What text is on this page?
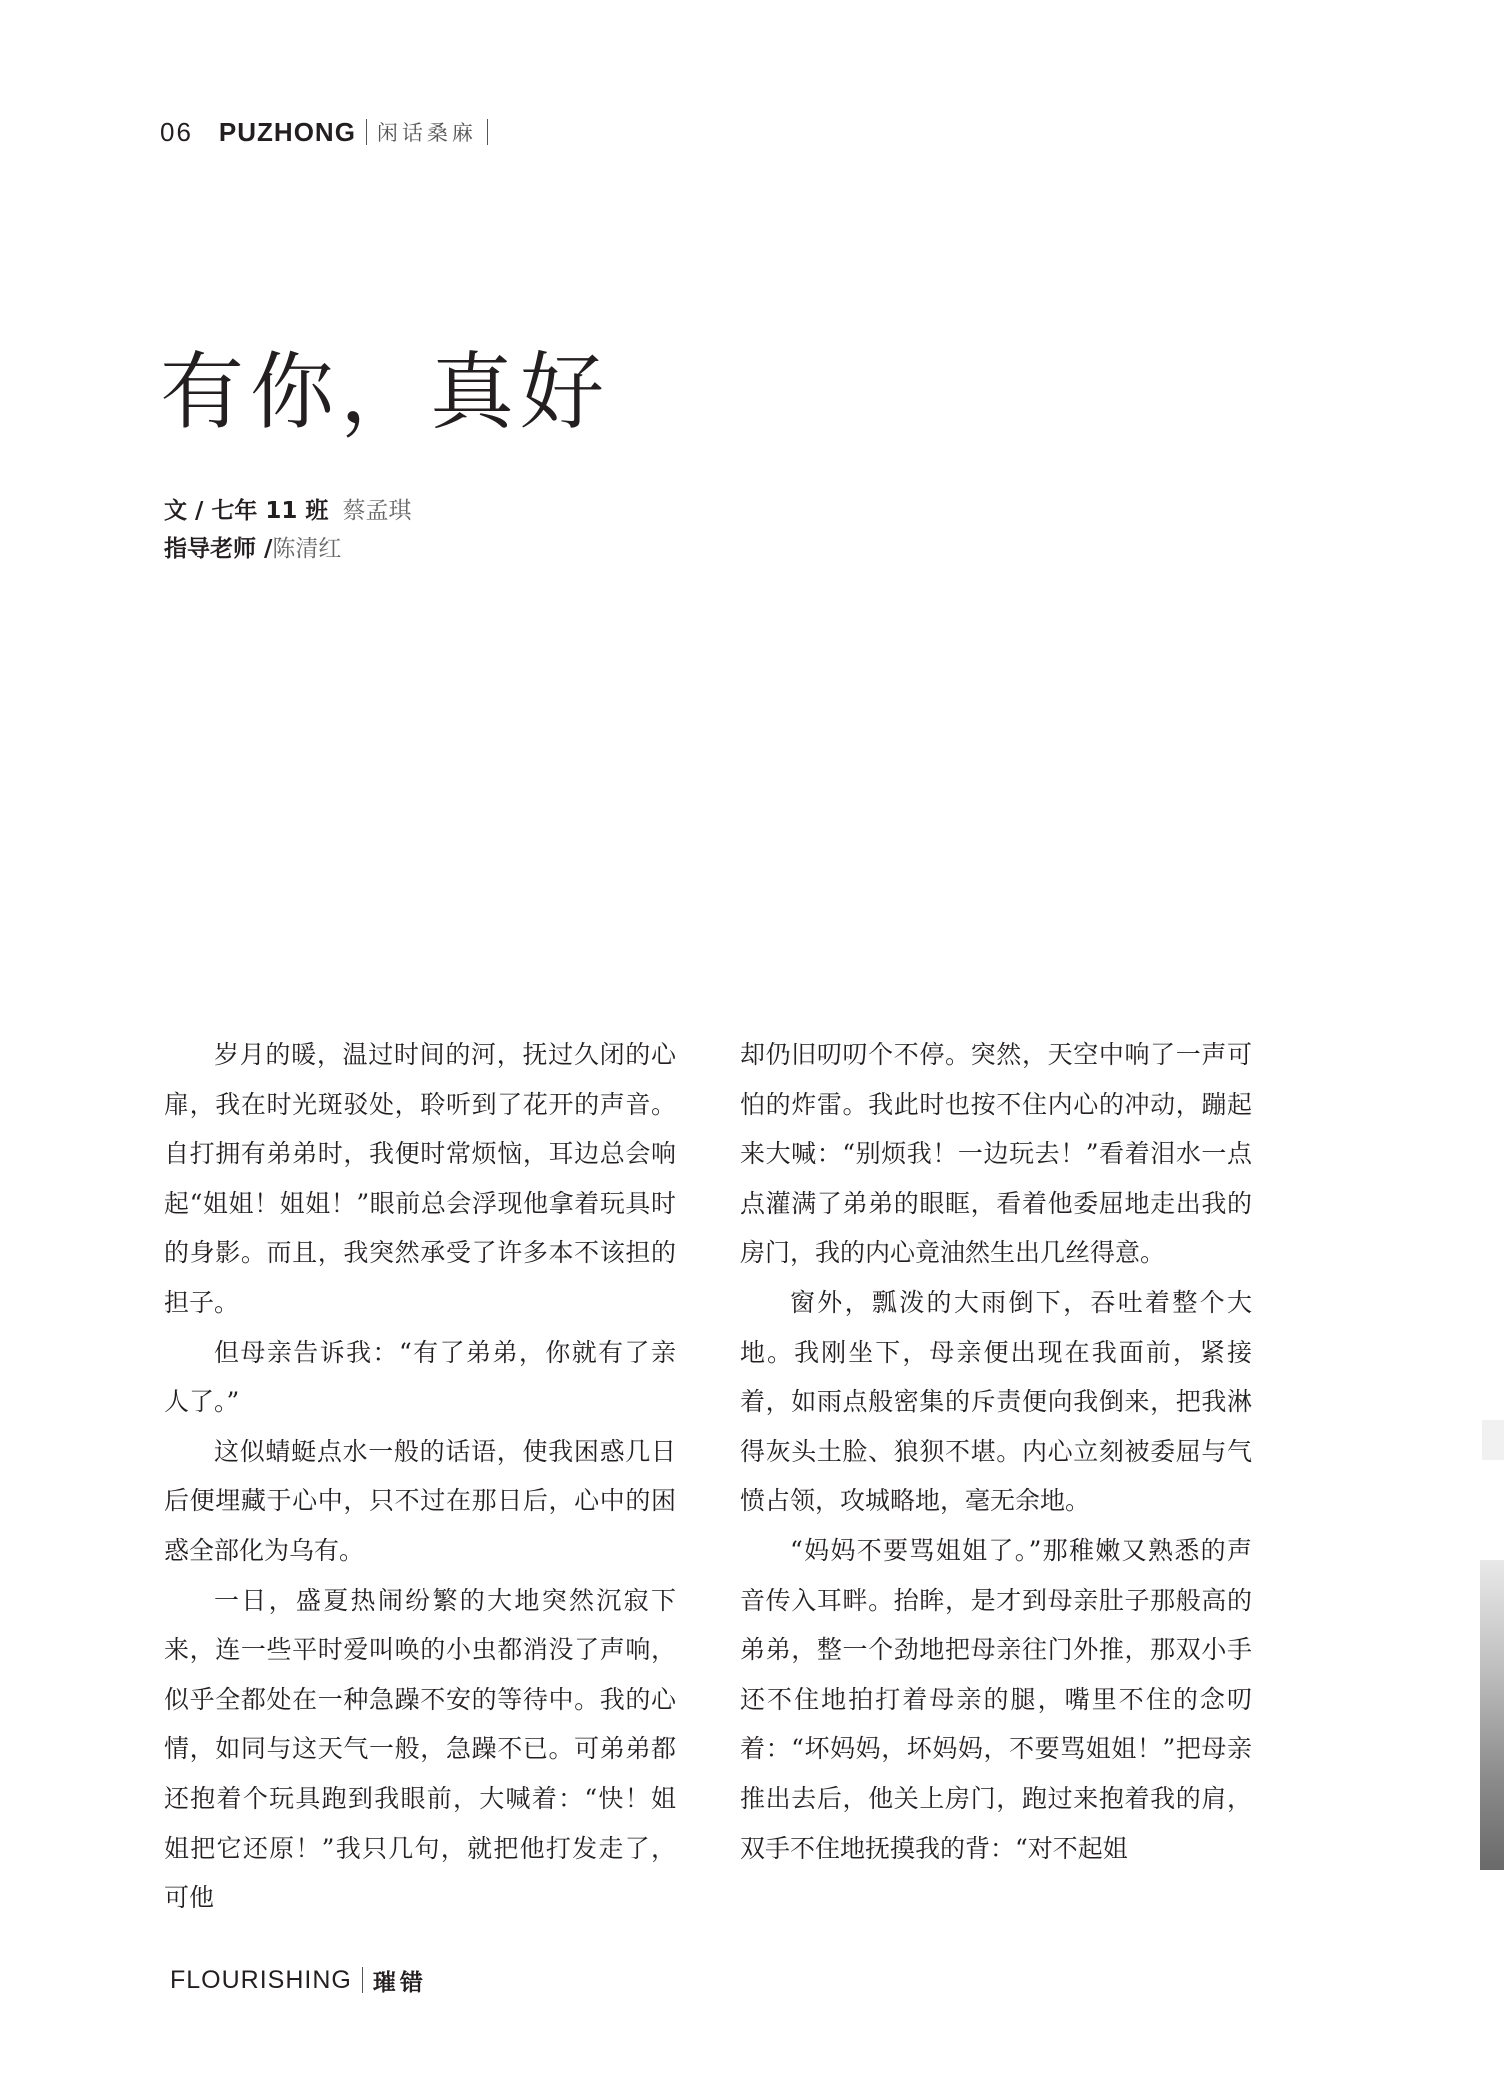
06 PUZHONG 闲话桑麻
有你，真好
文 / 七年 11 班 蔡孟琪
指导老师 /陈清红

岁月的暖，温过时间的河，抚过久闭的心扉，我在时光斑驳处，聆听到了花开的声音。自打拥有弟弟时，我便时常烦恼，耳边总会响起“姐姐！姐姐！”眼前总会浮现他拿着玩具时的身影。而且，我突然承受了许多本不该担的担子。

但母亲告诉我：“有了弟弟，你就有了亲人了。”

这似蜻蜓点水一般的话语，使我困惑几日后便埋藏于心中，只不过在那日后，心中的困惑全部化为乌有。

一日，盛夏热闹纷繁的大地突然沉寂下来，连一些平时爱叫唤的小虫都消没了声响，似乎全都处在一种急躁不安的等待中。我的心情，如同与这天气一般，急躁不已。可弟弟都还抱着个玩具跑到我眼前，大喊着：“快！姐姐把它还原！”我只几句，就把他打发走了，可他

却仍旧叨叨个不停。突然，天空中响了一声可怕的炸雷。我此时也按不住内心的冲动，蹦起来大喊：“别烦我！一边玩去！”看着泪水一点点灌满了弟弟的眼眶，看着他委屈地走出我的房门，我的内心竟油然生出几丝得意。

窗外，瓢泼的大雨倒下，吞吐着整个大地。我刚坐下，母亲便出现在我面前，紧接着，如雨点般密集的斥责便向我倒来，把我淋得灰头土脸、狼狈不堪。内心立刻被委屈与气愤占领，攻城略地，毫无余地。

“妈妈不要骂姐姐了。”那稚嫩又熟悉的声音传入耳畔。抬眸，是才到母亲肚子那般高的弟弟，整一个劲地把母亲往门外推，那双小手还不住地拍打着母亲的腿，嘴里不住的念叨着：“坏妈妈，坏妈妈，不要骂姐姐！”把母亲推出去后，他关上房门，跑过来抱着我的肩，双手不住地抚摸我的背：“对不起姐

FLOURISHING 璀错
